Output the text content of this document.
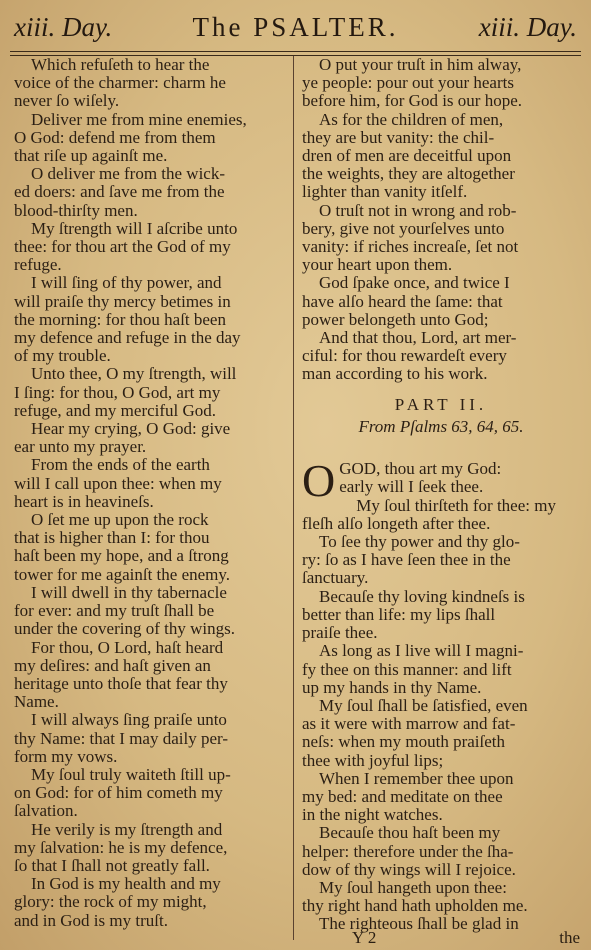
xiii. Day.	The PSALTER.	xiii. Day.

Which refuſeth to hear the
voice of the charmer: charm he
never ſo wiſely.

Deliver me from mine enemies,
O God: defend me from them
that riſe up againſt me.

O deliver me from the wick-
ed doers: and ſave me from the
blood-thirſty men.

My ſtrength will I aſcribe unto
thee: for thou art the God of my
refuge.

I will ſing of thy power, and
will praiſe thy mercy betimes in
the morning: for thou haſt been
my defence and refuge in the day
of my trouble.

Unto thee, O my ſtrength, will
I ſing: for thou, O God, art my
refuge, and my merciful God.

Hear my crying, O God: give
ear unto my prayer.

From the ends of the earth
will I call upon thee: when my
heart is in heavineſs.

O ſet me up upon the rock
that is higher than I: for thou
haſt been my hope, and a ſtrong
tower for me againſt the enemy.

I will dwell in thy tabernacle
for ever: and my truſt ſhall be
under the covering of thy wings.

For thou, O Lord, haſt heard
my deſires: and haſt given an
heritage unto thoſe that fear thy
Name.

I will always ſing praiſe unto
thy Name: that I may daily per-
form my vows.

My ſoul truly waiteth ſtill up-
on God: for of him cometh my
ſalvation.

He verily is my ſtrength and
my ſalvation: he is my defence,
ſo that I ſhall not greatly fall.

In God is my health and my
glory: the rock of my might,
and in God is my truſt.

O put your truſt in him alway,
ye people: pour out your hearts
before him, for God is our hope.

As for the children of men,
they are but vanity: the chil-
dren of men are deceitful upon
the weights, they are altogether
lighter than vanity itſelf.

O truſt not in wrong and rob-
bery, give not yourſelves unto
vanity: if riches increaſe, ſet not
your heart upon them.

God ſpake once, and twice I
have alſo heard the ſame: that
power belongeth unto God;

And that thou, Lord, art mer-
ciful: for thou rewardeſt every
man according to his work.

PART II.
From Pſalms 63, 64, 65.

OGOD, thou art my God:
early will I ſeek thee.

My ſoul thirſteth for thee: my
fleſh alſo longeth after thee.

To ſee thy power and thy glo-
ry: ſo as I have ſeen thee in the
ſanctuary.

Becauſe thy loving kindneſs is
better than life: my lips ſhall
praiſe thee.

As long as I live will I magni-
fy thee on this manner: and lift
up my hands in thy Name.

My ſoul ſhall be ſatisfied, even
as it were with marrow and fat-
neſs: when my mouth praiſeth
thee with joyful lips;

When I remember thee upon
my bed: and meditate on thee
in the night watches.

Becauſe thou haſt been my
helper: therefore under the ſha-
dow of thy wings will I rejoice.

My ſoul hangeth upon thee:
thy right hand hath upholden me.

The righteous ſhall be glad in

Y 2	the
